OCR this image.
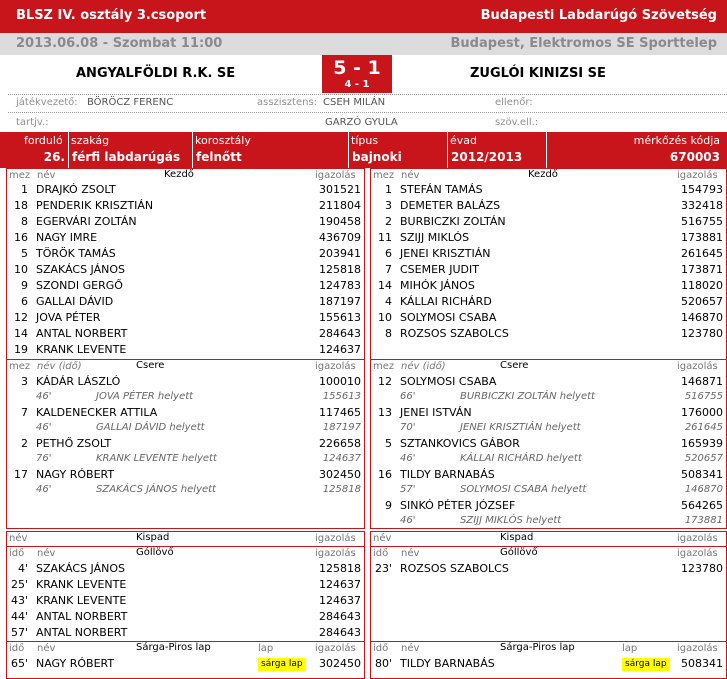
BLSZ IV. osztály 3.csoport	Budapesti Labdarúgó Szövetség
2013.06.08 - Szombat 11:00	Budapest, Elektromos SE Sporttelep
ANGYALFÖLDI R.K. SE	ZUGLÓI KINIZSI SE
5 - 1
4 - 1
játékvezető: BÖRÖCZ FERENC	asszisztens: CSEH MILÁN	ellenőr:
tartjv.:	GARZÓ GYULA	szöv.ell.:
forduló
26.
szakág
férfi labdarúgás
korosztály
felnőtt
típus
bajnoki
évad
2012/2013
mérkőzés kódja
670003
mez név	Kezdő	igazolás
1 DRAJKÓ ZSOLT	301521
18 PENDERIK KRISZTIÁN	211804
8 EGERVÁRI ZOLTÁN	190458
16 NAGY IMRE	436709
5 TÖRÖK TAMÁS	203941
10 SZAKÁCS JÁNOS	125818
9 SZONDI GERGŐ	124783
6 GALLAI DÁVID	187197
12 JOVA PÉTER	155613
14 ANTAL NORBERT	284643
19 KRANK LEVENTE	124637
mez név (idő)	Csere	igazolás
3 KÁDÁR LÁSZLÓ	100010
46'	JOVA PÉTER helyett	155613
7 KALDENECKER ATTILA	117465
46'	GALLAI DÁVID helyett	187197
2 PETHŐ ZSOLT	226658
76'	KRANK LEVENTE helyett	124637
17 NAGY RÓBERT	302450
46'	SZAKÁCS JÁNOS helyett	125818
név	Kispad	igazolás
idő név	Góllövő	igazolás
4' SZAKÁCS JÁNOS	125818
25' KRANK LEVENTE	124637
43' KRANK LEVENTE	124637
44' ANTAL NORBERT	284643
57' ANTAL NORBERT	284643
idő név	Sárga-Piros lap	lap	igazolás
65' NAGY RÓBERT	sárga lap	302450
mez név	Kezdő	igazolás
1 STEFÁN TAMÁS	154793
3 DEMETER BALÁZS	332418
2 BURBICZKI ZOLTÁN	516755
11 SZIJJ MIKLÓS	173881
6 JENEI KRISZTIÁN	261645
7 CSEMER JUDIT	173871
14 MIHÓK JÁNOS	118020
4 KÁLLAI RICHÁRD	520657
10 SOLYMOSI CSABA	146870
8 ROZSOS SZABOLCS	123780
mez név (idő)	Csere	igazolás
12 SOLYMOSI CSABA	146871
66'	BURBICZKI ZOLTÁN helyett	516755
13 JENEI ISTVÁN	176000
70'	JENEI KRISZTIÁN helyett	261645
5 SZTANKOVICS GÁBOR	165939
46'	KÁLLAI RICHÁRD helyett	520657
16 TILDY BARNABÁS	508341
57'	SOLYMOSI CSABA helyett	146870
9 SINKÓ PÉTER JÓZSEF	564265
46'	SZIJJ MIKLÓS helyett	173881
név	Kispad	igazolás
idő név	Góllövő	igazolás
23' ROZSOS SZABOLCS	123780
idő név	Sárga-Piros lap	lap	igazolás
80' TILDY BARNABÁS	sárga lap	508341
